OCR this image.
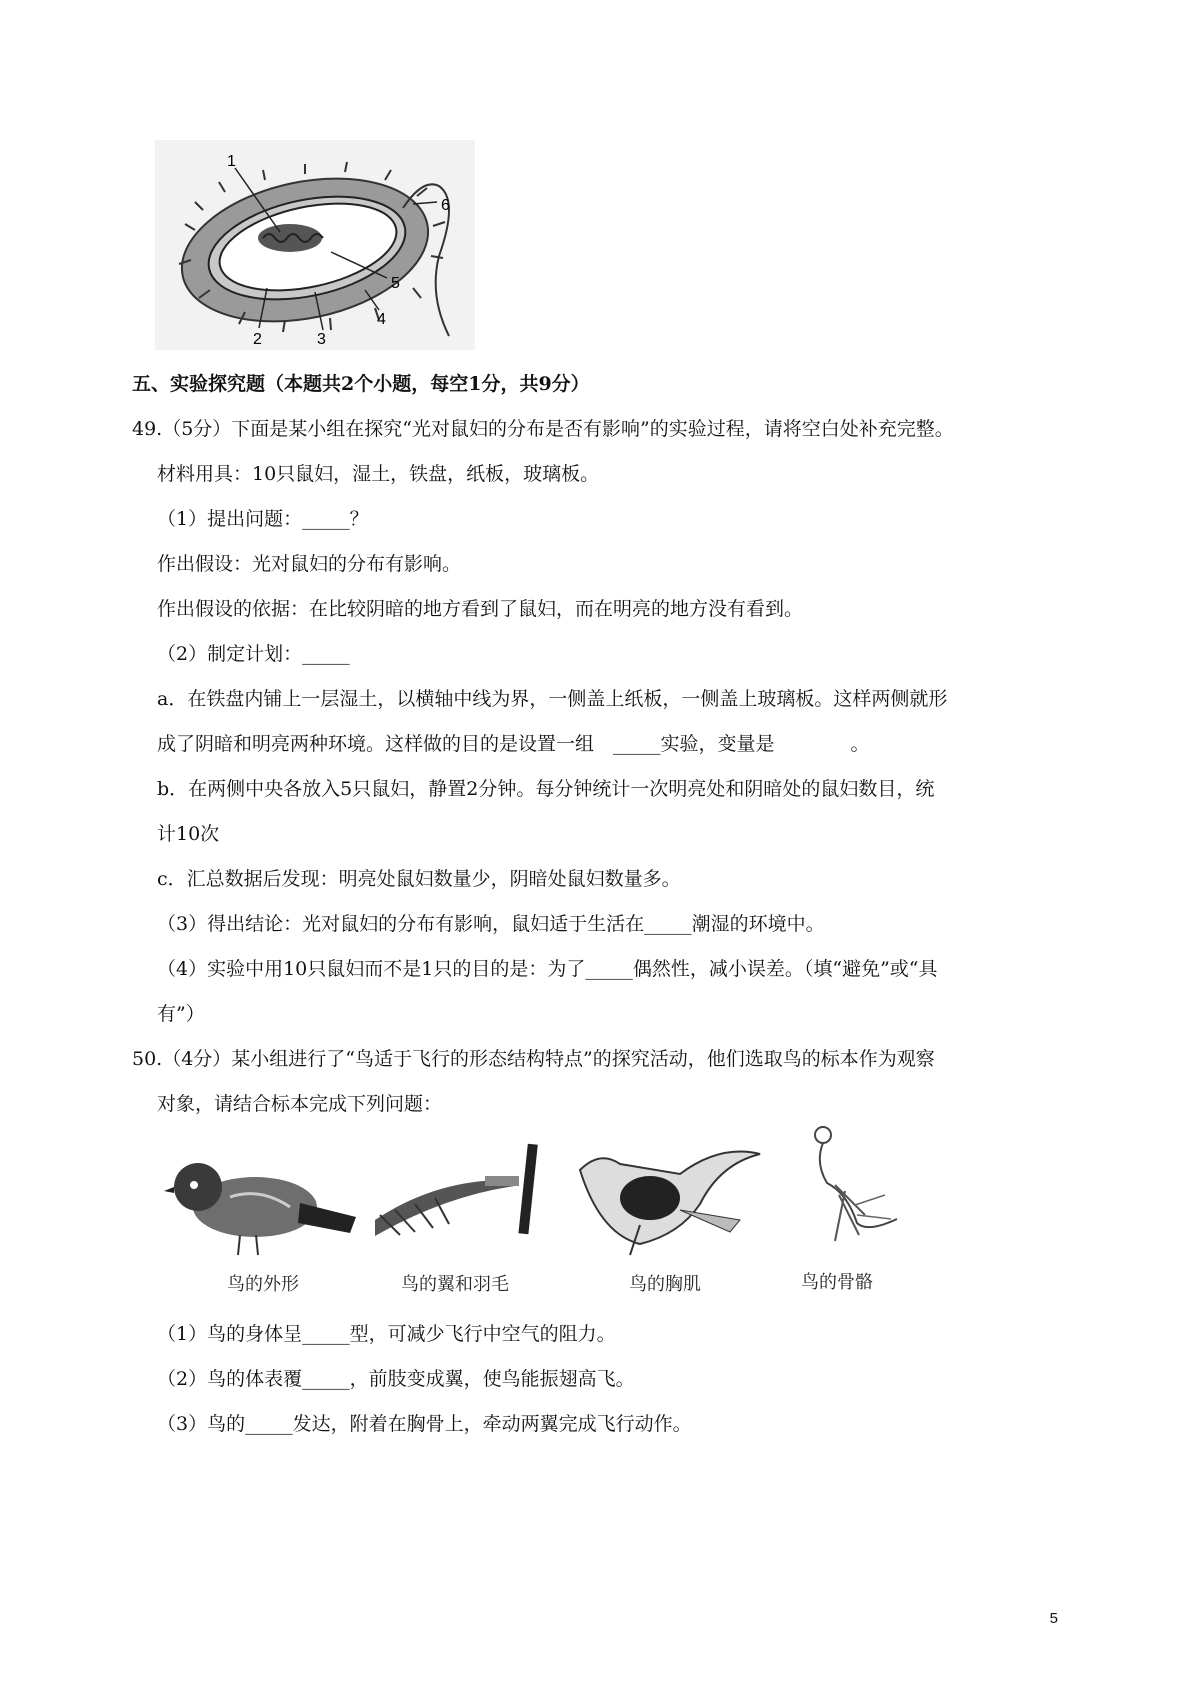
1
6
5
4
2	3
五、实验探究题（本题共2个小题，每空1分，共9分）
49.（5分）下面是某小组在探究“光对鼠妇的分布是否有影响”的实验过程，请将空白处补充完整。
材料用具：10只鼠妇，湿土，铁盘，纸板，玻璃板。
（1）提出问题：_____？
作出假设：光对鼠妇的分布有影响。
作出假设的依据：在比较阴暗的地方看到了鼠妇，而在明亮的地方没有看到。
（2）制定计划：_____
a．在铁盘内铺上一层湿土，以横轴中线为界，一侧盖上纸板，一侧盖上玻璃板。这样两侧就形
成了阴暗和明亮两种环境。这样做的目的是设置一组　_____实验，变量是　　　　。
b．在两侧中央各放入5只鼠妇，静置2分钟。每分钟统计一次明亮处和阴暗处的鼠妇数目，统
计10次
c．汇总数据后发现：明亮处鼠妇数量少，阴暗处鼠妇数量多。
（3）得出结论：光对鼠妇的分布有影响，鼠妇适于生活在_____潮湿的环境中。
（4）实验中用10只鼠妇而不是1只的目的是：为了_____偶然性，减小误差。（填“避免”或“具
有”）
50.（4分）某小组进行了“鸟适于飞行的形态结构特点”的探究活动，他们选取鸟的标本作为观察
对象，请结合标本完成下列问题：
鸟的外形	鸟的翼和羽毛	鸟的胸肌	鸟的骨骼
（1）鸟的身体呈_____型，可减少飞行中空气的阻力。
（2）鸟的体表覆_____，前肢变成翼，使鸟能振翅高飞。
（3）鸟的_____发达，附着在胸骨上，牵动两翼完成飞行动作。
5
